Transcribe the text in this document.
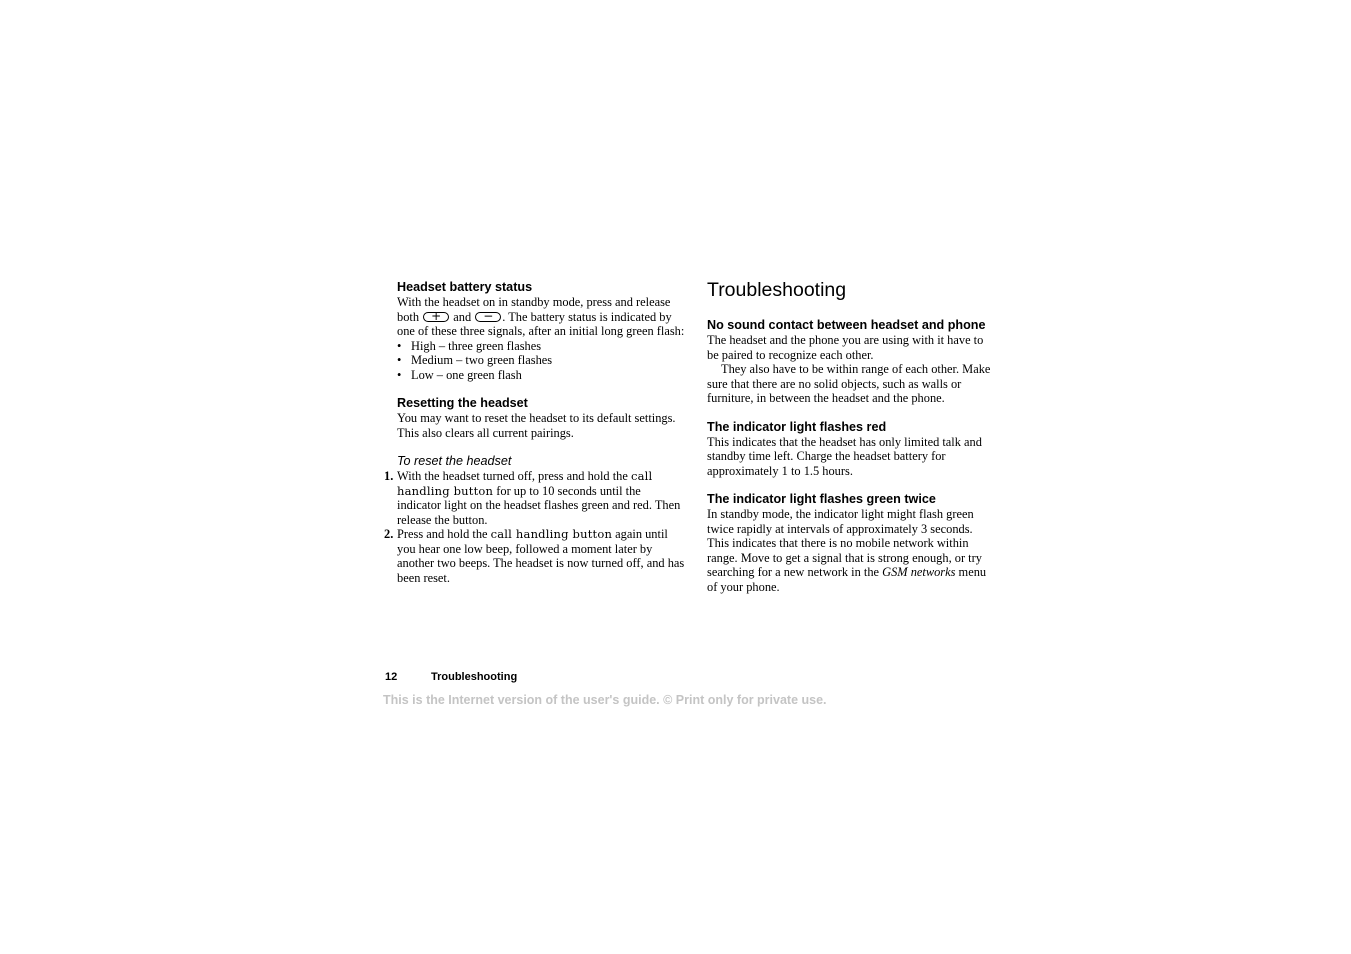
Headset battery status

With the headset on in standby mode, press and release both	+ and	− . The battery status is indicated by one of these three signals, after an initial long green flash:

• High – three green flashes
• Medium – two green flashes
• Low – one green flash
Resetting the headset

You may want to reset the headset to its default settings. This also clears all current pairings.

To reset the headset
1. With the headset turned off, press and hold the call handling button for up to 10 seconds until the indicator light on the headset flashes green and red. Then release the button.
2. Press and hold the call handling button again until you hear one low beep, followed a moment later by another two beeps. The headset is now turned off, and has been reset.
Troubleshooting
No sound contact between headset and phone

The headset and the phone you are using with it have to be paired to recognize each other.

They also have to be within range of each other. Make sure that there are no solid objects, such as walls or furniture, in between the headset and the phone.

The indicator light flashes red

This indicates that the headset has only limited talk and standby time left. Charge the headset battery for approximately 1 to 1.5 hours.

The indicator light flashes green twice

In standby mode, the indicator light might flash green twice rapidly at intervals of approximately 3 seconds. This indicates that there is no mobile network within range. Move to get a signal that is strong enough, or try searching for a new network in the GSM networks menu of your phone.

12	Troubleshooting
This is the Internet version of the user's guide. © Print only for private use.
